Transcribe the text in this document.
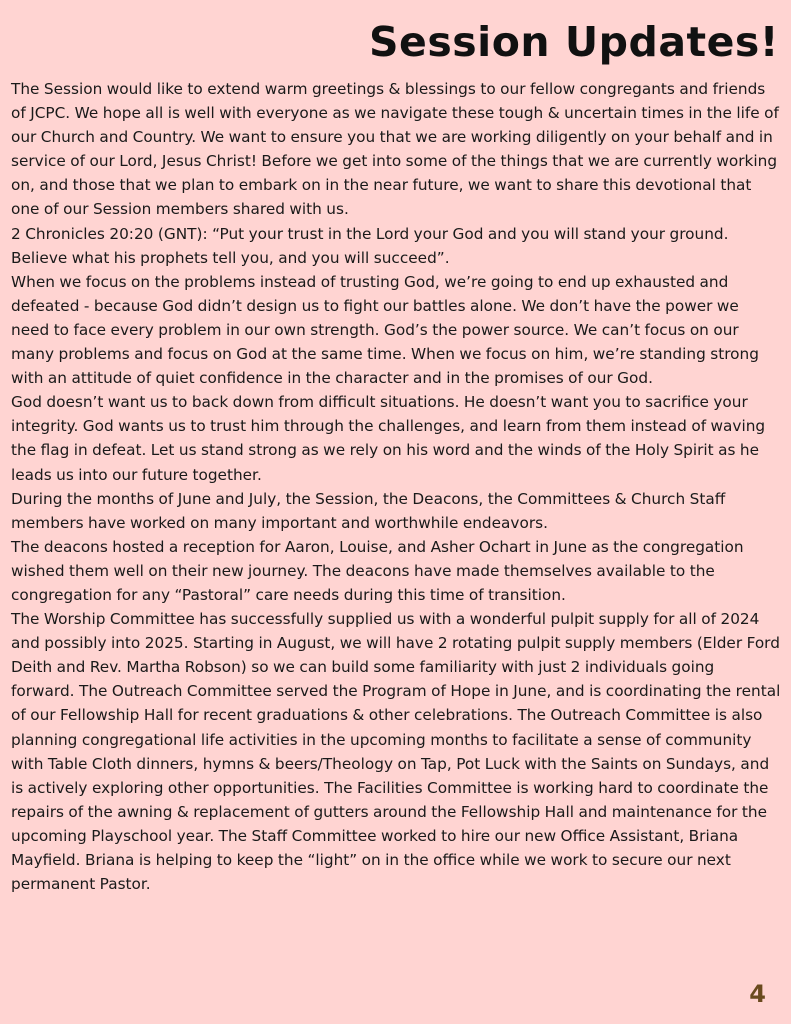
Session Updates!

The Session would like to extend warm greetings & blessings to our fellow congregants and friends of JCPC. We hope all is well with everyone as we navigate these tough & uncertain times in the life of our Church and Country. We want to ensure you that we are working diligently on your behalf and in service of our Lord, Jesus Christ! Before we get into some of the things that we are currently working on, and those that we plan to embark on in the near future, we want to share this devotional that one of our Session members shared with us.

2 Chronicles 20:20 (GNT): “Put your trust in the Lord your God and you will stand your ground. Believe what his prophets tell you, and you will succeed”.

When we focus on the problems instead of trusting God, we’re going to end up exhausted and defeated - because God didn’t design us to fight our battles alone. We don’t have the power we need to face every problem in our own strength. God’s the power source. We can’t focus on our many problems and focus on God at the same time. When we focus on him, we’re standing strong with an attitude of quiet confidence in the character and in the promises of our God.

God doesn’t want us to back down from difficult situations. He doesn’t want you to sacrifice your integrity. God wants us to trust him through the challenges, and learn from them instead of waving the flag in defeat. Let us stand strong as we rely on his word and the winds of the Holy Spirit as he leads us into our future together.

During the months of June and July, the Session, the Deacons, the Committees & Church Staff members have worked on many important and worthwhile endeavors.

The deacons hosted a reception for Aaron, Louise, and Asher Ochart in June as the congregation wished them well on their new journey. The deacons have made themselves available to the congregation for any “Pastoral” care needs during this time of transition.

The Worship Committee has successfully supplied us with a wonderful pulpit supply for all of 2024 and possibly into 2025. Starting in August, we will have 2 rotating pulpit supply members (Elder Ford Deith and Rev. Martha Robson) so we can build some familiarity with just 2 individuals going forward. The Outreach Committee served the Program of Hope in June, and is coordinating the rental of our Fellowship Hall for recent graduations & other celebrations. The Outreach Committee is also planning congregational life activities in the upcoming months to facilitate a sense of community with Table Cloth dinners, hymns & beers/Theology on Tap, Pot Luck with the Saints on Sundays, and is actively exploring other opportunities. The Facilities Committee is working hard to coordinate the repairs of the awning & replacement of gutters around the Fellowship Hall and maintenance for the upcoming Playschool year. The Staff Committee worked to hire our new Office Assistant, Briana Mayfield. Briana is helping to keep the “light” on in the office while we work to secure our next permanent Pastor.

4
